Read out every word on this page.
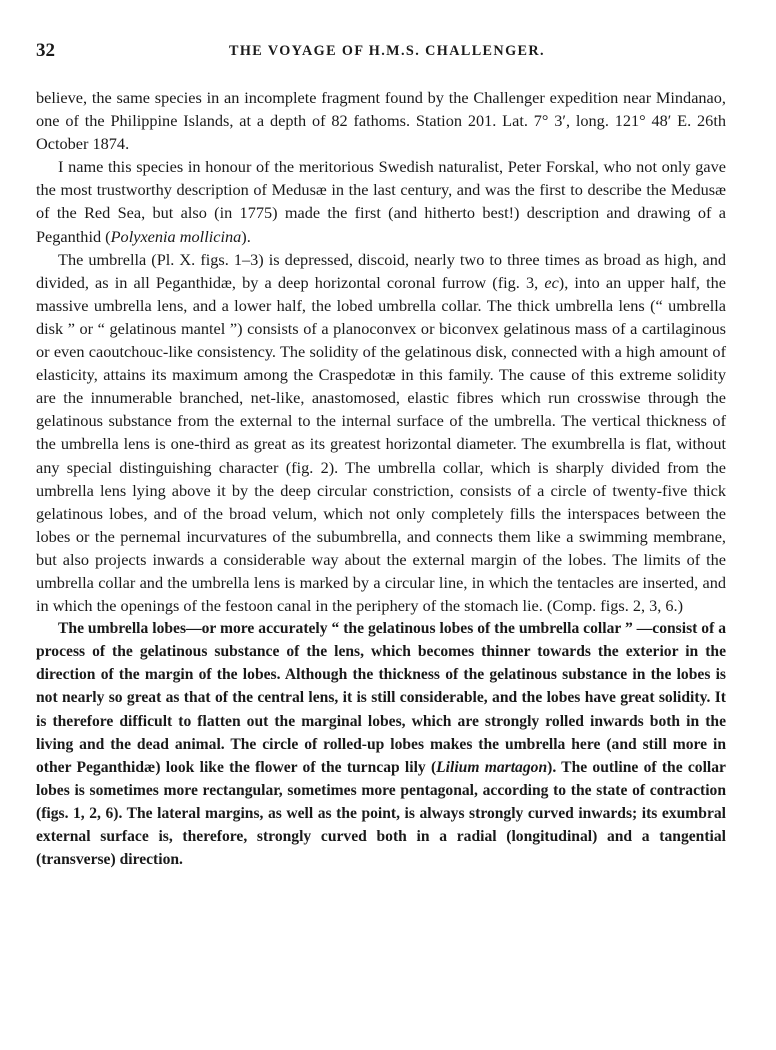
32	THE VOYAGE OF H.M.S. CHALLENGER.

believe, the same species in an incomplete fragment found by the Challenger expedition near Mindanao, one of the Philippine Islands, at a depth of 82 fathoms. Station 201. Lat. 7° 3′, long. 121° 48′ E. 26th October 1874.

I name this species in honour of the meritorious Swedish naturalist, Peter Forskal, who not only gave the most trustworthy description of Medusæ in the last century, and was the first to describe the Medusæ of the Red Sea, but also (in 1775) made the first (and hitherto best!) description and drawing of a Peganthid (Polyxenia mollicina).

The umbrella (Pl. X. figs. 1–3) is depressed, discoid, nearly two to three times as broad as high, and divided, as in all Peganthidæ, by a deep horizontal coronal furrow (fig. 3, ec), into an upper half, the massive umbrella lens, and a lower half, the lobed umbrella collar. The thick umbrella lens (“ umbrella disk ” or “ gelatinous mantel ”) consists of a planoconvex or biconvex gelatinous mass of a cartilaginous or even caoutchouc-like consistency. The solidity of the gelatinous disk, connected with a high amount of elasticity, attains its maximum among the Craspedotæ in this family. The cause of this extreme solidity are the innumerable branched, net-like, anastomosed, elastic fibres which run crosswise through the gelatinous substance from the external to the internal surface of the umbrella. The vertical thickness of the umbrella lens is one-third as great as its greatest horizontal diameter. The exumbrella is flat, without any special distinguishing character (fig. 2). The umbrella collar, which is sharply divided from the umbrella lens lying above it by the deep circular constriction, consists of a circle of twenty-five thick gelatinous lobes, and of the broad velum, which not only completely fills the interspaces between the lobes or the pernemal incurvatures of the subumbrella, and connects them like a swimming membrane, but also projects inwards a considerable way about the external margin of the lobes. The limits of the umbrella collar and the umbrella lens is marked by a circular line, in which the tentacles are inserted, and in which the openings of the festoon canal in the periphery of the stomach lie. (Comp. figs. 2, 3, 6.)

The umbrella lobes—or more accurately “ the gelatinous lobes of the umbrella collar ” —consist of a process of the gelatinous substance of the lens, which becomes thinner towards the exterior in the direction of the margin of the lobes. Although the thickness of the gelatinous substance in the lobes is not nearly so great as that of the central lens, it is still considerable, and the lobes have great solidity. It is therefore difficult to flatten out the marginal lobes, which are strongly rolled inwards both in the living and the dead animal. The circle of rolled-up lobes makes the umbrella here (and still more in other Peganthidæ) look like the flower of the turncap lily (Lilium martagon). The outline of the collar lobes is sometimes more rectangular, sometimes more pentagonal, according to the state of contraction (figs. 1, 2, 6). The lateral margins, as well as the point, is always strongly curved inwards; its exumbral external surface is, therefore, strongly curved both in a radial (longitudinal) and a tangential (transverse) direction.
